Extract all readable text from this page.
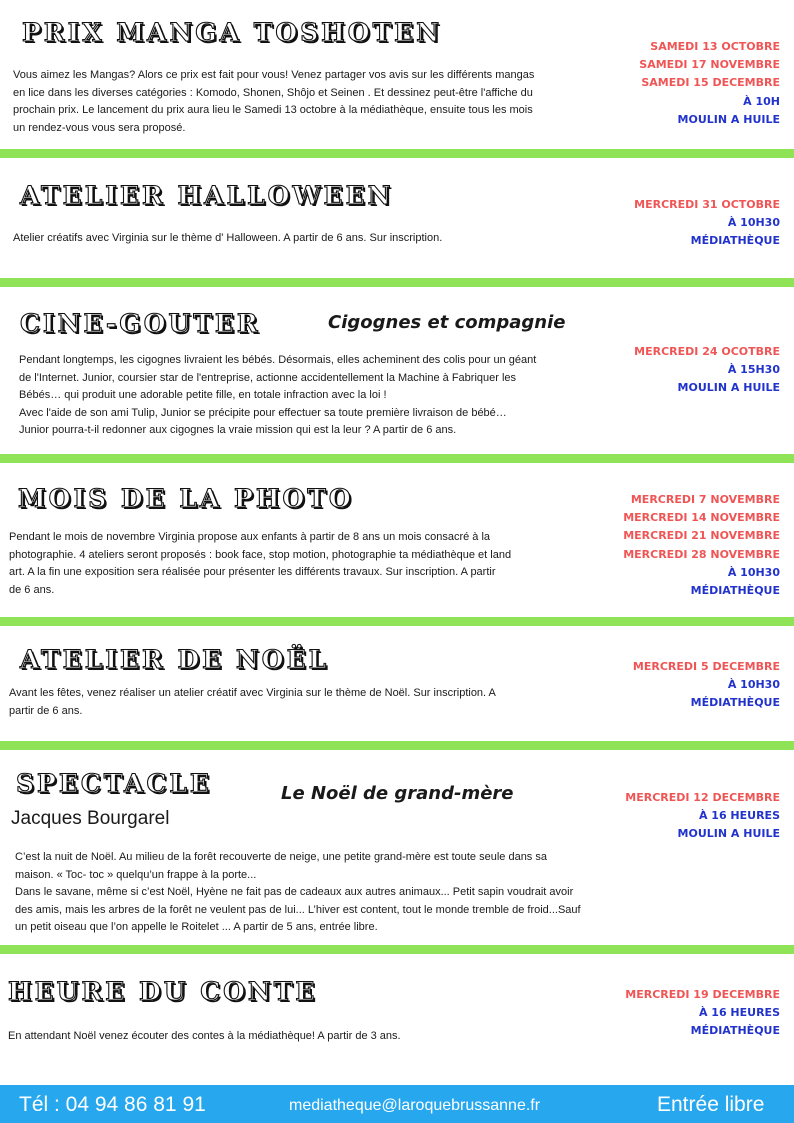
PRIX MANGA TOSHOTEN

Vous aimez les Mangas? Alors ce prix est fait pour vous! Venez partager vos avis sur les différents mangas

en lice dans les diverses catégories : Komodo, Shonen, Shôjo et Seinen . Et dessinez peut-être l'affiche du

prochain prix. Le lancement du prix aura lieu le Samedi 13 octobre à la médiathèque, ensuite tous les mois

un rendez-vous vous sera proposé.

SAMEDI 13 OCTOBRE
SAMEDI 17 NOVEMBRE
SAMEDI 15 DECEMBRE
À 10H
MOULIN A HUILE
ATELIER HALLOWEEN

Atelier créatifs avec Virginia sur le thème d' Halloween. A partir de 6 ans. Sur inscription.

MERCREDI 31 OCTOBRE
À 10H30
MÉDIATHÈQUE
CINE-GOUTER	Cigognes et compagnie

Pendant longtemps, les cigognes livraient les bébés. Désormais, elles acheminent des colis pour un géant

de l'Internet. Junior, coursier star de l'entreprise, actionne accidentellement la Machine à Fabriquer les

Bébés… qui produit une adorable petite fille, en totale infraction avec la loi !

Avec l'aide de son ami Tulip, Junior se précipite pour effectuer sa toute première livraison de bébé…

Junior pourra-t-il redonner aux cigognes la vraie mission qui est la leur ? A partir de 6 ans.

MERCREDI 24 OCOTBRE
À 15H30
MOULIN A HUILE
MOIS DE LA PHOTO

Pendant le mois de novembre Virginia propose aux enfants à partir de 8 ans un mois consacré à la

photographie. 4 ateliers seront proposés : book face, stop motion, photographie ta médiathèque et land

art. A la fin une exposition sera réalisée pour présenter les différents travaux. Sur inscription. A partir

de 6 ans.

MERCREDI 7 NOVEMBRE
MERCREDI 14 NOVEMBRE
MERCREDI 21 NOVEMBRE
MERCREDI 28 NOVEMBRE
À 10H30
MÉDIATHÈQUE
ATELIER DE NOËL

Avant les fêtes, venez réaliser un atelier créatif avec Virginia sur le thème de Noël. Sur inscription. A

partir de 6 ans.

MERCREDI 5 DECEMBRE
À 10H30
MÉDIATHÈQUE
SPECTACLE	Le Noël de grand-mère
Jacques Bourgarel

C’est la nuit de Noël. Au milieu de la forêt recouverte de neige, une petite grand-mère est toute seule dans sa

maison. « Toc- toc » quelqu’un frappe à la porte...

Dans le savane, même si c’est Noël, Hyène ne fait pas de cadeaux aux autres animaux... Petit sapin voudrait avoir

des amis, mais les arbres de la forêt ne veulent pas de lui... L’hiver est content, tout le monde tremble de froid...Sauf

un petit oiseau que l’on appelle le Roitelet ... A partir de 5 ans, entrée libre.

MERCREDI 12 DECEMBRE
À 16 HEURES
MOULIN A HUILE
HEURE DU CONTE

En attendant Noël venez écouter des contes à la médiathèque! A partir de 3 ans.

MERCREDI 19 DECEMBRE
À 16 HEURES
MÉDIATHÈQUE
Tél : 04 94 86 81 91	mediatheque@laroquebrussanne.fr	Entrée libre
